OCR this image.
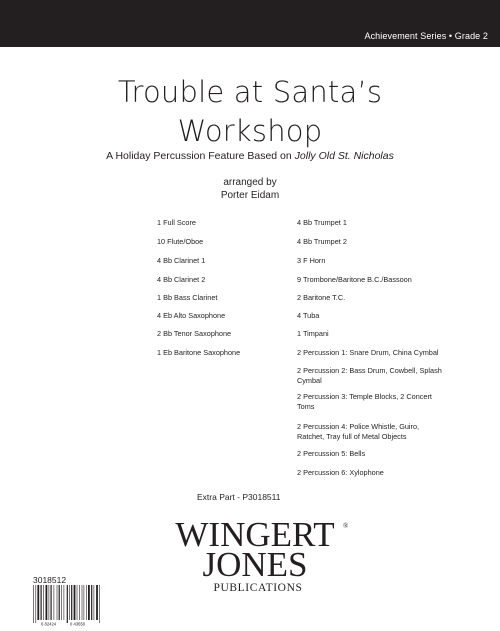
Achievement Series • Grade 2
Trouble at Santa’s
Workshop
A Holiday Percussion Feature Based on Jolly Old St. Nicholas
arranged by
Porter Eidam
1 Full Score
10 Flute/Oboe
4 Bb Clarinet 1
4 Bb Clarinet 2
1 Bb Bass Clarinet
4 Eb Alto Saxophone
2 Bb Tenor Saxophone
1 Eb Baritone Saxophone
4 Bb Trumpet 1
4 Bb Trumpet 2
3 F Horn
9 Trombone/Baritone B.C./Bassoon
2 Baritone T.C.
4 Tuba
1 Timpani
2 Percussion 1: Snare Drum, China Cymbal
2 Percussion 2: Bass Drum, Cowbell, Splash Cymbal
2 Percussion 3: Temple Blocks, 2 Concert Toms
2 Percussion 4: Police Whistle, Guiro, Ratchet, Tray full of Metal Objects
2 Percussion 5: Bells
2 Percussion 6: Xylophone
Extra Part - P3018511
WINGERT ®
JONES
PUBLICATIONS
3018512
6 82424	0 43650
